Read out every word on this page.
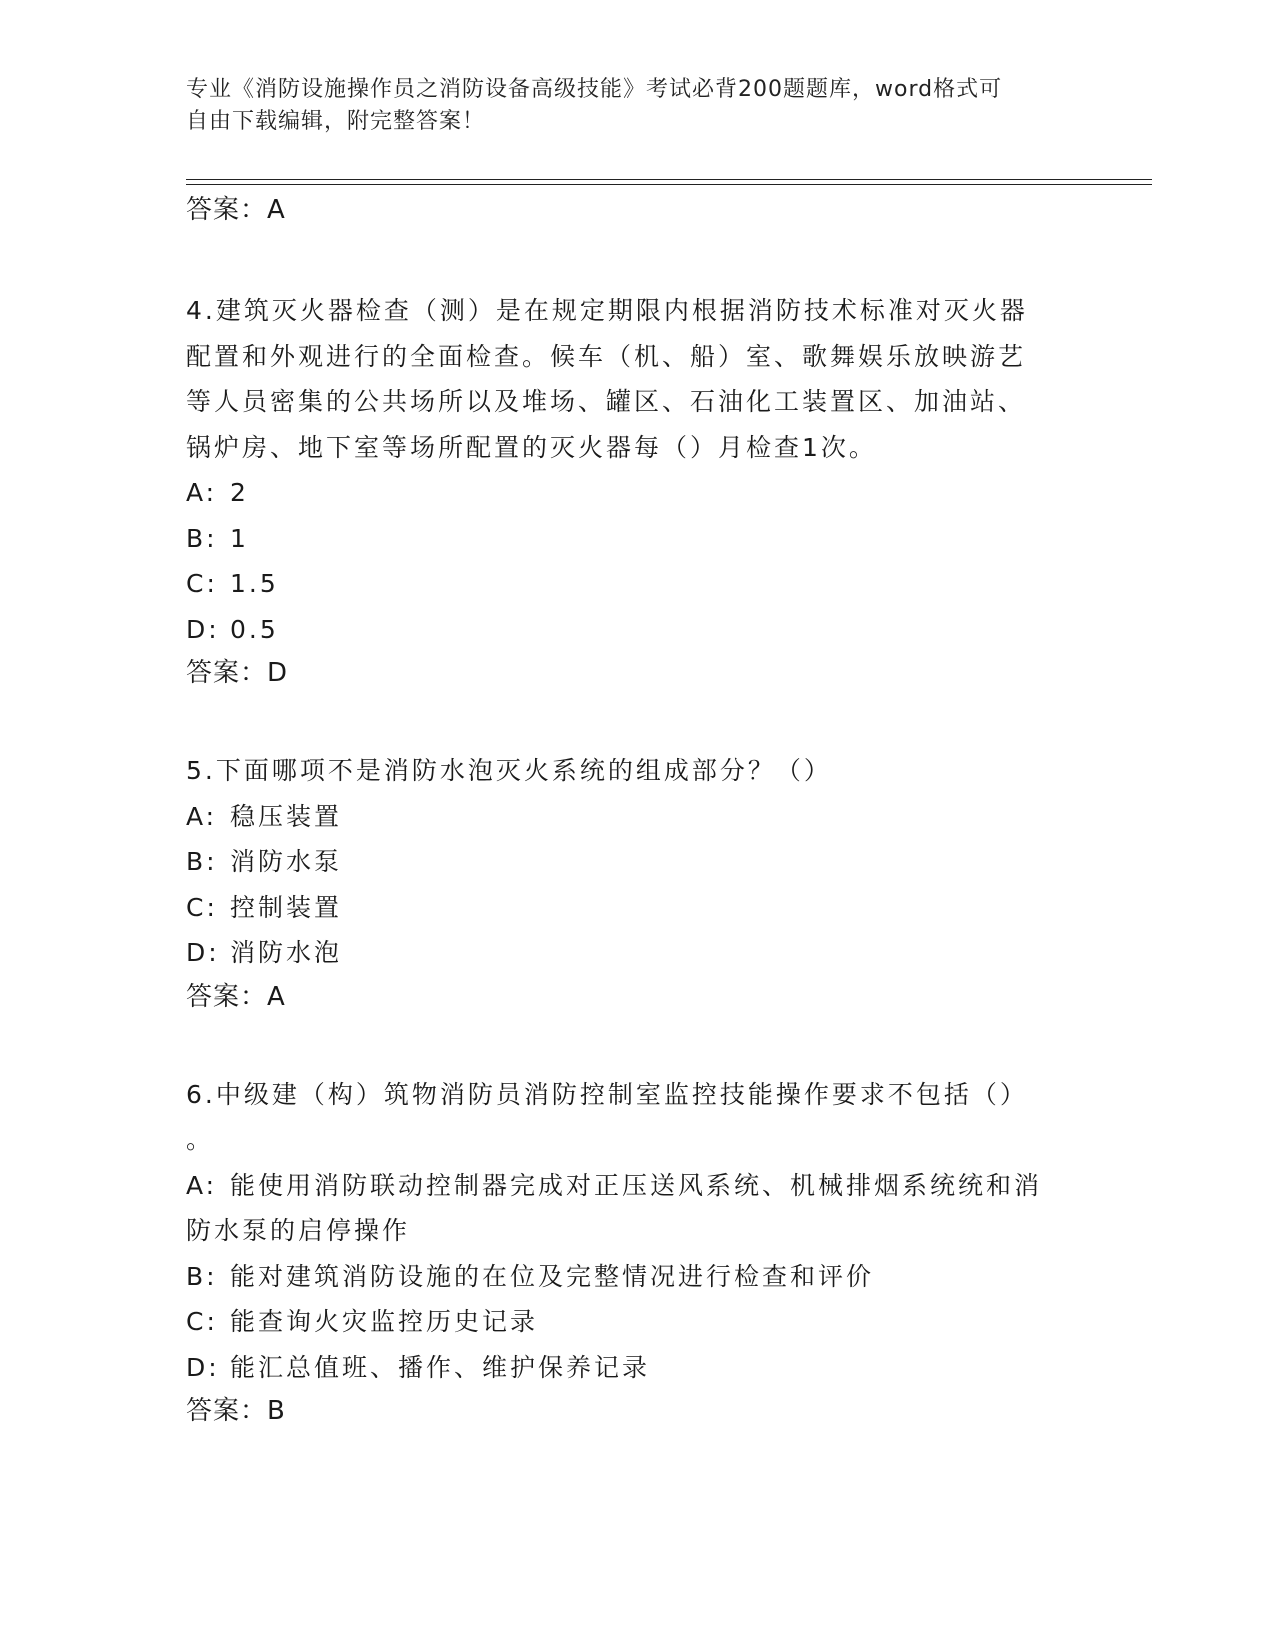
专业《消防设施操作员之消防设备高级技能》考试必背200题题库，word格式可
自由下载编辑，附完整答案！

答案：A

4.建筑灭火器检查（测）是在规定期限内根据消防技术标准对灭火器

配置和外观进行的全面检查。候车（机、船）室、歌舞娱乐放映游艺

等人员密集的公共场所以及堆场、罐区、石油化工装置区、加油站、

锅炉房、地下室等场所配置的灭火器每（）月检查1次。

A: 2

B: 1

C: 1.5

D: 0.5

答案：D

5.下面哪项不是消防水泡灭火系统的组成部分？（）

A: 稳压装置

B: 消防水泵

C: 控制装置

D: 消防水泡

答案：A

6.中级建（构）筑物消防员消防控制室监控技能操作要求不包括（）

。

A: 能使用消防联动控制器完成对正压送风系统、机械排烟系统统和消

防水泵的启停操作

B: 能对建筑消防设施的在位及完整情况进行检查和评价

C: 能查询火灾监控历史记录

D: 能汇总值班、播作、维护保养记录

答案：B
